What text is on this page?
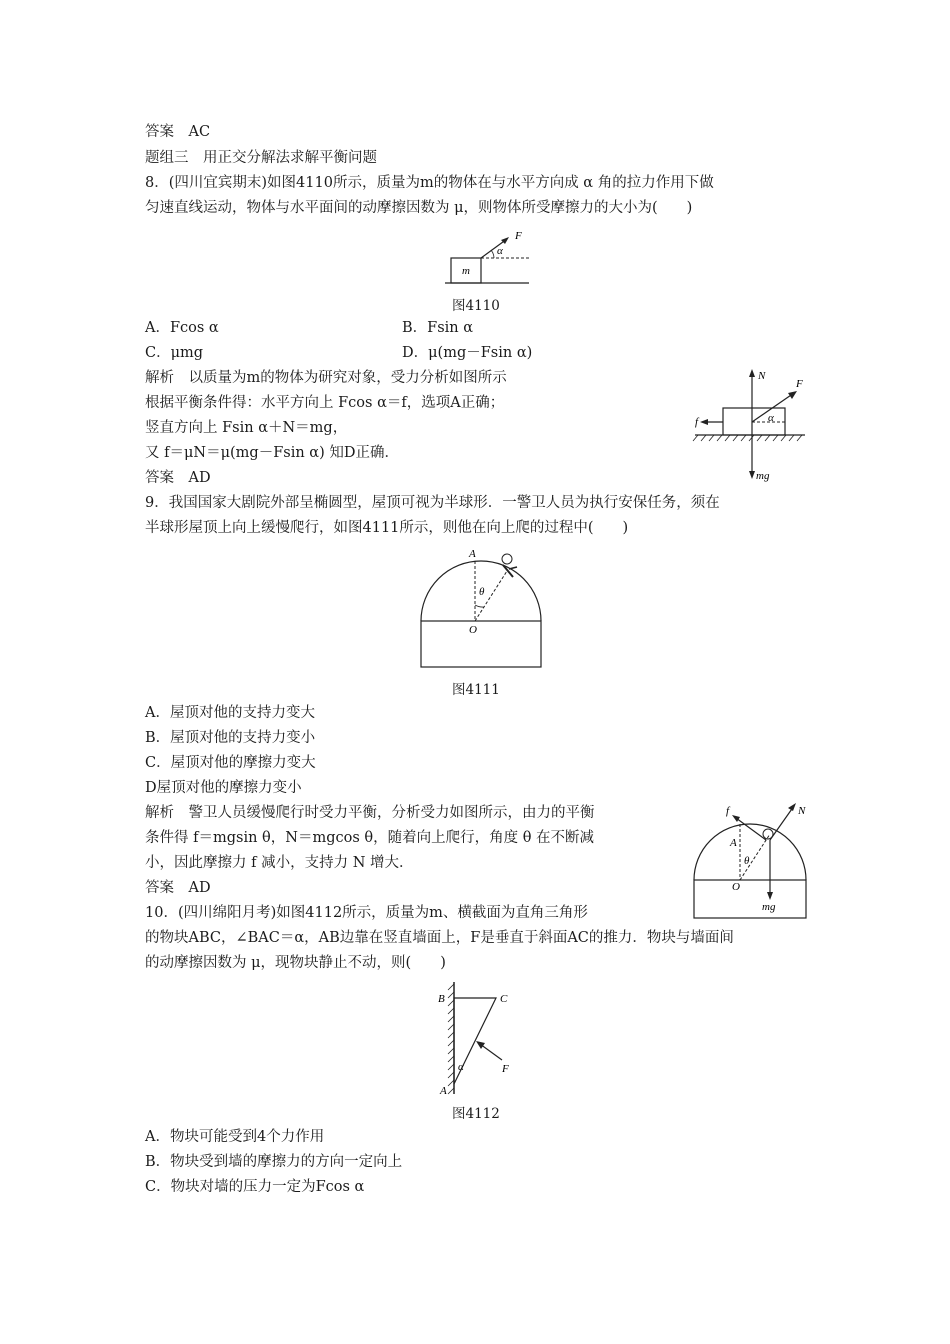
答案　AC
题组三　用正交分解法求解平衡问题
8．(四川宜宾期末)如图4110所示，质量为m的物体在与水平方向成 α 角的拉力作用下做
匀速直线运动，物体与水平面间的动摩擦因数为 μ，则物体所受摩擦力的大小为(　　)
m
F
α
图4110
A．Fcos α	B．Fsin α
C．μmg	D．μ(mg－Fsin α)
解析　以质量为m的物体为研究对象，受力分析如图所示
根据平衡条件得：水平方向上 Fcos α＝f，选项A正确；
竖直方向上 Fsin α＋N＝mg，
又 f＝μN＝μ(mg－Fsin α) 知D正确．
答案　AD
N
mg
F
f	α
9．我国国家大剧院外部呈椭圆型，屋顶可视为半球形．一警卫人员为执行安保任务，须在
半球形屋顶上向上缓慢爬行，如图4111所示，则他在向上爬的过程中(　　)
A
O
θ
图4111
A．屋顶对他的支持力变大
B．屋顶对他的支持力变小
C．屋顶对他的摩擦力变大
D屋顶对他的摩擦力变小
解析　警卫人员缓慢爬行时受力平衡，分析受力如图所示，由力的平衡
条件得 f＝mgsin θ，N＝mgcos θ，随着向上爬行，角度 θ 在不断减
小，因此摩擦力 f 减小，支持力 N 增大．
答案　AD
A
O
θ
N
f
mg
10．(四川绵阳月考)如图4112所示，质量为m、横截面为直角三角形
的物块ABC，∠BAC＝α，AB边靠在竖直墙面上，F是垂直于斜面AC的推力．物块与墙面间
的动摩擦因数为 μ，现物块静止不动，则(　　)
B	C
A
α	F
图4112
A．物块可能受到4个力作用
B．物块受到墙的摩擦力的方向一定向上
C．物块对墙的压力一定为Fcos α
